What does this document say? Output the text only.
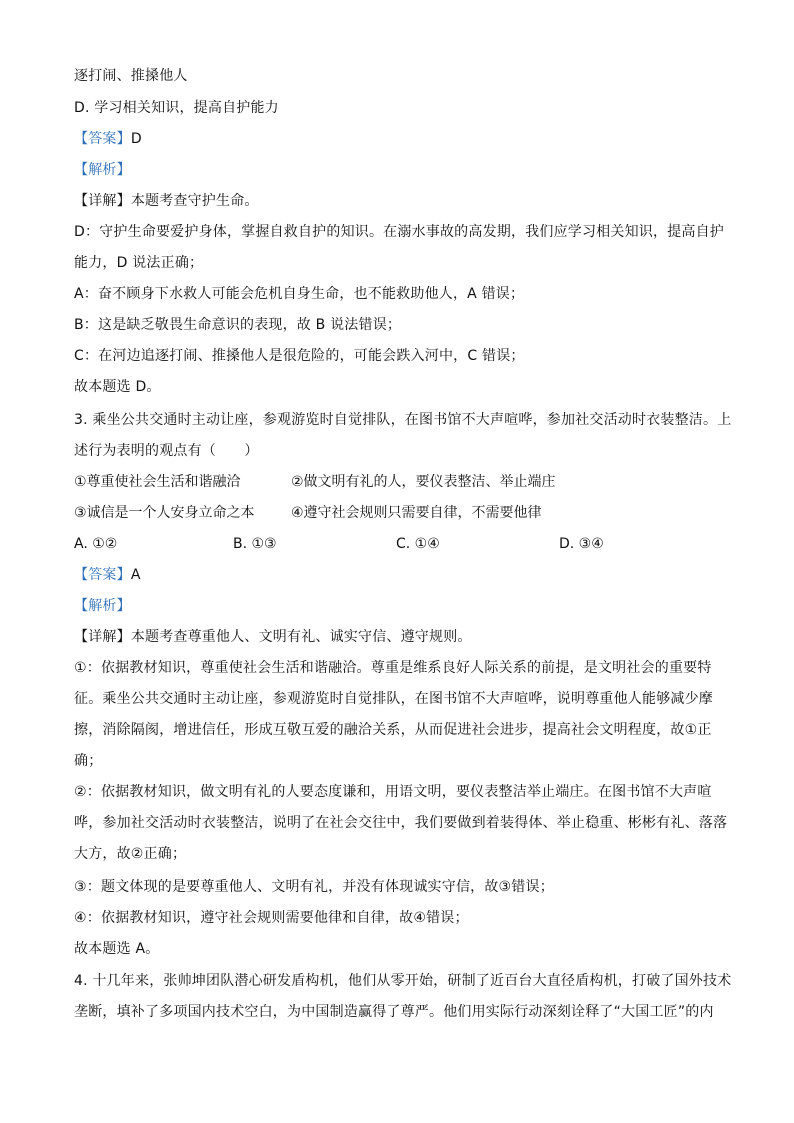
逐打闹、推搡他人
D. 学习相关知识，提高自护能力
【答案】D
【解析】
【详解】本题考查守护生命。
D：守护生命要爱护身体，掌握自救自护的知识。在溺水事故的高发期，我们应学习相关知识，提高自护
能力，D 说法正确；
A：奋不顾身下水救人可能会危机自身生命，也不能救助他人，A 错误；
B：这是缺乏敬畏生命意识的表现，故 B 说法错误；
C：在河边追逐打闹、推搡他人是很危险的，可能会跌入河中，C 错误；
故本题选 D。
3. 乘坐公共交通时主动让座，参观游览时自觉排队，在图书馆不大声喧哗，参加社交活动时衣装整洁。上
述行为表明的观点有（　　）
①尊重使社会生活和谐融洽	②做文明有礼的人，要仪表整洁、举止端庄
③诚信是一个人安身立命之本	④遵守社会规则只需要自律，不需要他律
A. ①②	B. ①③	C. ①④	D. ③④
【答案】A
【解析】
【详解】本题考查尊重他人、文明有礼、诚实守信、遵守规则。
①：依据教材知识，尊重使社会生活和谐融洽。尊重是维系良好人际关系的前提，是文明社会的重要特
征。乘坐公共交通时主动让座，参观游览时自觉排队，在图书馆不大声喧哗，说明尊重他人能够减少摩
擦，消除隔阂，增进信任，形成互敬互爱的融洽关系，从而促进社会进步，提高社会文明程度，故①正
确；
②：依据教材知识，做文明有礼的人要态度谦和，用语文明，要仪表整洁举止端庄。在图书馆不大声喧
哗，参加社交活动时衣装整洁，说明了在社会交往中，我们要做到着装得体、举止稳重、彬彬有礼、落落
大方，故②正确；
③：题文体现的是要尊重他人、文明有礼，并没有体现诚实守信，故③错误；
④：依据教材知识，遵守社会规则需要他律和自律，故④错误；
故本题选 A。
4. 十几年来，张帅坤团队潜心研发盾构机，他们从零开始，研制了近百台大直径盾构机，打破了国外技术
垄断，填补了多项国内技术空白，为中国制造赢得了尊严。他们用实际行动深刻诠释了“大国工匠”的内
